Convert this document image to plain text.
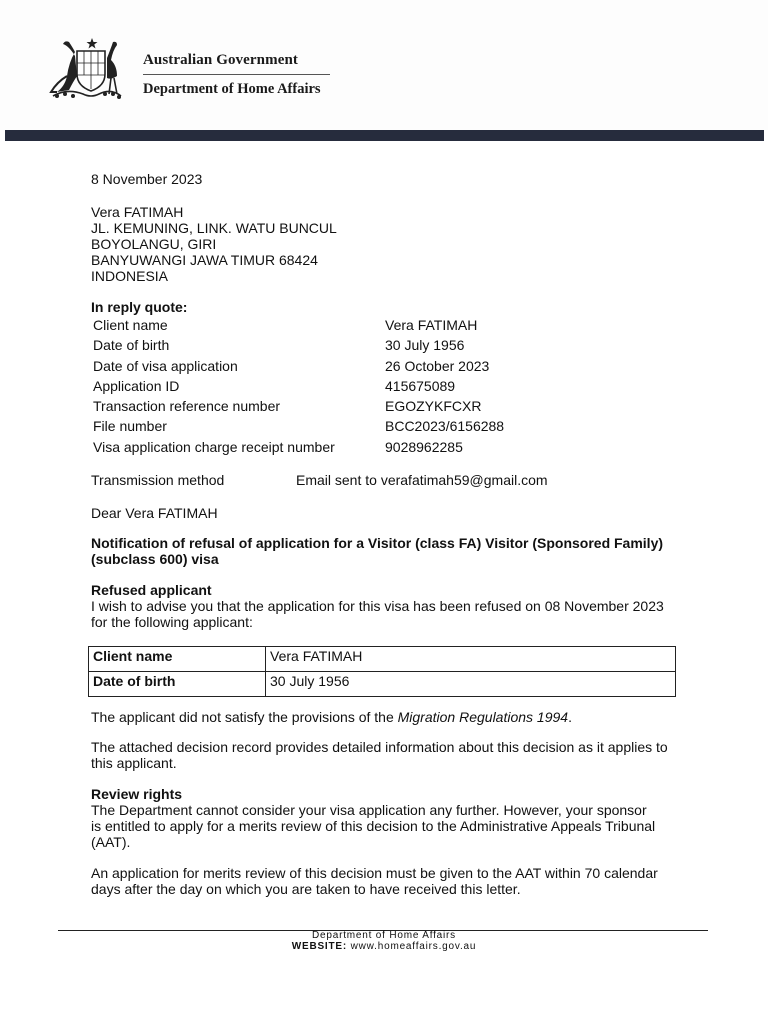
Australian Government
Department of Home Affairs
8 November 2023
Vera FATIMAH
JL. KEMUNING, LINK. WATU BUNCUL
BOYOLANGU, GIRI
BANYUWANGI JAWA TIMUR 68424
INDONESIA
In reply quote:
Client name	Vera FATIMAH
Date of birth	30 July 1956
Date of visa application	26 October 2023
Application ID	415675089
Transaction reference number	EGOZYKFCXR
File number	BCC2023/6156288
Visa application charge receipt number	9028962285
Transmission method	Email sent to verafatimah59@gmail.com
Dear Vera FATIMAH
Notification of refusal of application for a Visitor (class FA) Visitor (Sponsored Family)
(subclass 600) visa
Refused applicant
I wish to advise you that the application for this visa has been refused on 08 November 2023
for the following applicant:
Client name	Vera FATIMAH
Date of birth	30 July 1956
The applicant did not satisfy the provisions of the Migration Regulations 1994.
The attached decision record provides detailed information about this decision as it applies to
this applicant.
Review rights
The Department cannot consider your visa application any further. However, your sponsor
is entitled to apply for a merits review of this decision to the Administrative Appeals Tribunal
(AAT).
An application for merits review of this decision must be given to the AAT within 70 calendar
days after the day on which you are taken to have received this letter.
Department of Home Affairs
WEBSITE: www.homeaffairs.gov.au
